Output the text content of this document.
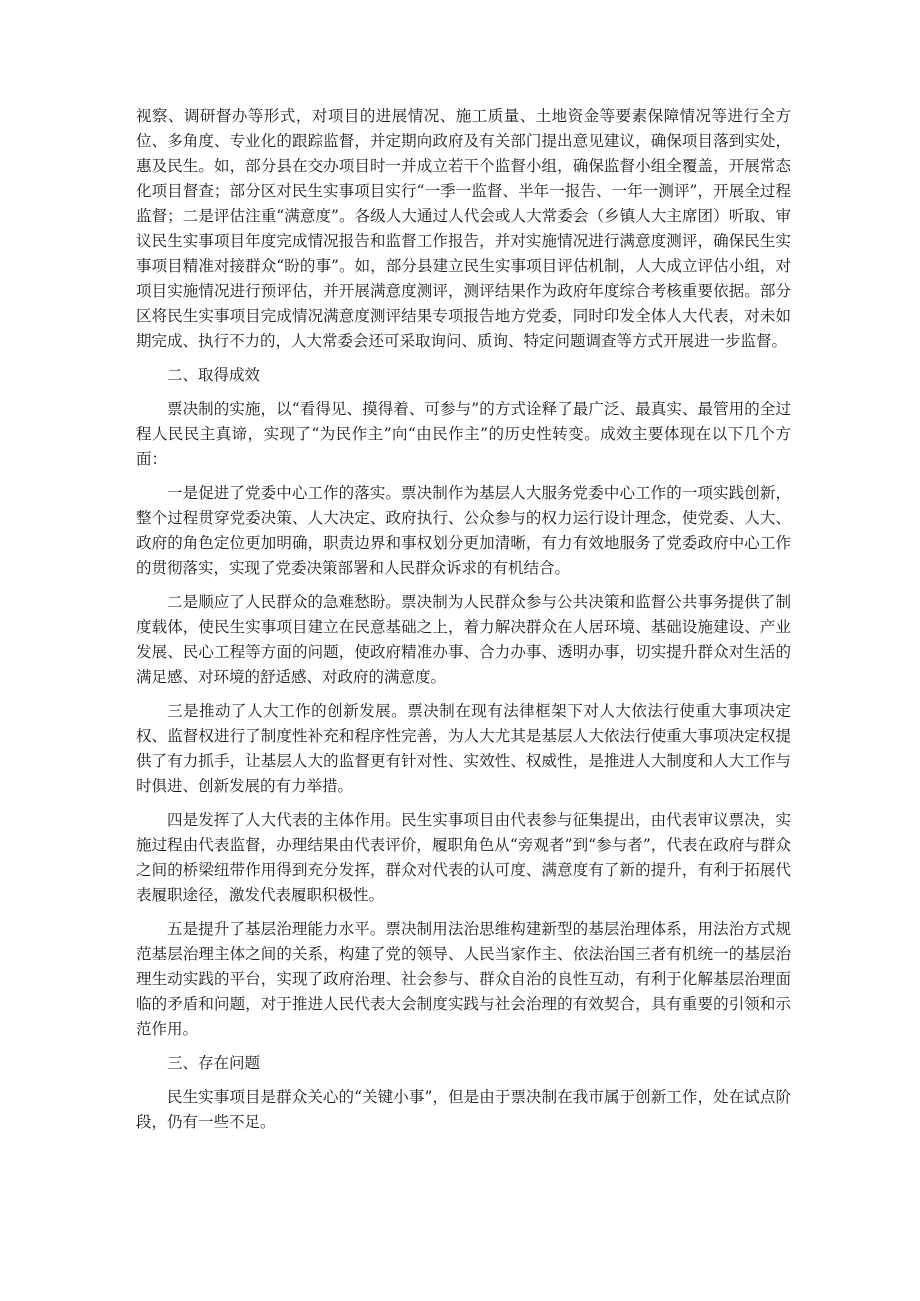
视察、调研督办等形式，对项目的进展情况、施工质量、土地资金等要素保障情况等进行全方位、多角度、专业化的跟踪监督，并定期向政府及有关部门提出意见建议，确保项目落到实处，惠及民生。如，部分县在交办项目时一并成立若干个监督小组，确保监督小组全覆盖，开展常态化项目督查；部分区对民生实事项目实行“一季一监督、半年一报告、一年一测评”，开展全过程监督；二是评估注重“满意度”。各级人大通过人代会或人大常委会（乡镇人大主席团）听取、审议民生实事项目年度完成情况报告和监督工作报告，并对实施情况进行满意度测评，确保民生实事项目精准对接群众“盼的事”。如，部分县建立民生实事项目评估机制，人大成立评估小组，对项目实施情况进行预评估，并开展满意度测评，测评结果作为政府年度综合考核重要依据。部分区将民生实事项目完成情况满意度测评结果专项报告地方党委，同时印发全体人大代表，对未如期完成、执行不力的，人大常委会还可采取询问、质询、特定问题调查等方式开展进一步监督。

二、取得成效

票决制的实施，以“看得见、摸得着、可参与”的方式诠释了最广泛、最真实、最管用的全过程人民民主真谛，实现了“为民作主”向“由民作主”的历史性转变。成效主要体现在以下几个方面：

一是促进了党委中心工作的落实。票决制作为基层人大服务党委中心工作的一项实践创新，整个过程贯穿党委决策、人大决定、政府执行、公众参与的权力运行设计理念，使党委、人大、政府的角色定位更加明确，职责边界和事权划分更加清晰，有力有效地服务了党委政府中心工作的贯彻落实，实现了党委决策部署和人民群众诉求的有机结合。

二是顺应了人民群众的急难愁盼。票决制为人民群众参与公共决策和监督公共事务提供了制度载体，使民生实事项目建立在民意基础之上，着力解决群众在人居环境、基础设施建设、产业发展、民心工程等方面的问题，使政府精准办事、合力办事、透明办事，切实提升群众对生活的满足感、对环境的舒适感、对政府的满意度。

三是推动了人大工作的创新发展。票决制在现有法律框架下对人大依法行使重大事项决定权、监督权进行了制度性补充和程序性完善，为人大尤其是基层人大依法行使重大事项决定权提供了有力抓手，让基层人大的监督更有针对性、实效性、权威性，是推进人大制度和人大工作与时俱进、创新发展的有力举措。

四是发挥了人大代表的主体作用。民生实事项目由代表参与征集提出，由代表审议票决，实施过程由代表监督，办理结果由代表评价，履职角色从“旁观者”到“参与者”，代表在政府与群众之间的桥梁纽带作用得到充分发挥，群众对代表的认可度、满意度有了新的提升，有利于拓展代表履职途径，激发代表履职积极性。

五是提升了基层治理能力水平。票决制用法治思维构建新型的基层治理体系，用法治方式规范基层治理主体之间的关系，构建了党的领导、人民当家作主、依法治国三者有机统一的基层治理生动实践的平台，实现了政府治理、社会参与、群众自治的良性互动，有利于化解基层治理面临的矛盾和问题，对于推进人民代表大会制度实践与社会治理的有效契合，具有重要的引领和示范作用。

三、存在问题

民生实事项目是群众关心的“关键小事”，但是由于票决制在我市属于创新工作，处在试点阶段，仍有一些不足。
